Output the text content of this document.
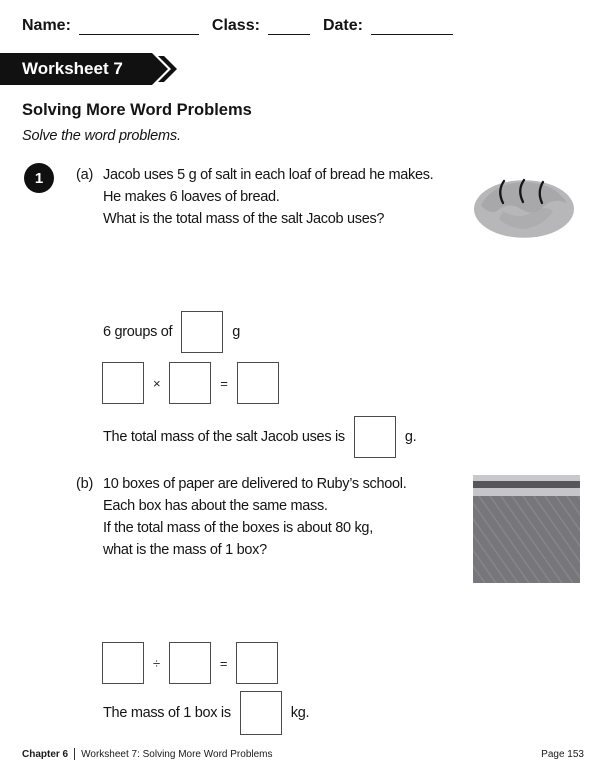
Name:	Class:	Date:
Worksheet 7
Solving More Word Problems
Solve the word problems.
1	(a) Jacob uses 5 g of salt in each loaf of bread he makes.
He makes 6 loaves of bread.
What is the total mass of the salt Jacob uses?
6 groups of	g
×	=
The total mass of the salt Jacob uses is	g.
(b) 10 boxes of paper are delivered to Ruby’s school.
Each box has about the same mass.
If the total mass of the boxes is about 80 kg,
what is the mass of 1 box?
÷	=
The mass of 1 box is	kg.
Chapter 6 Worksheet 7: Solving More Word Problems	Page 153
